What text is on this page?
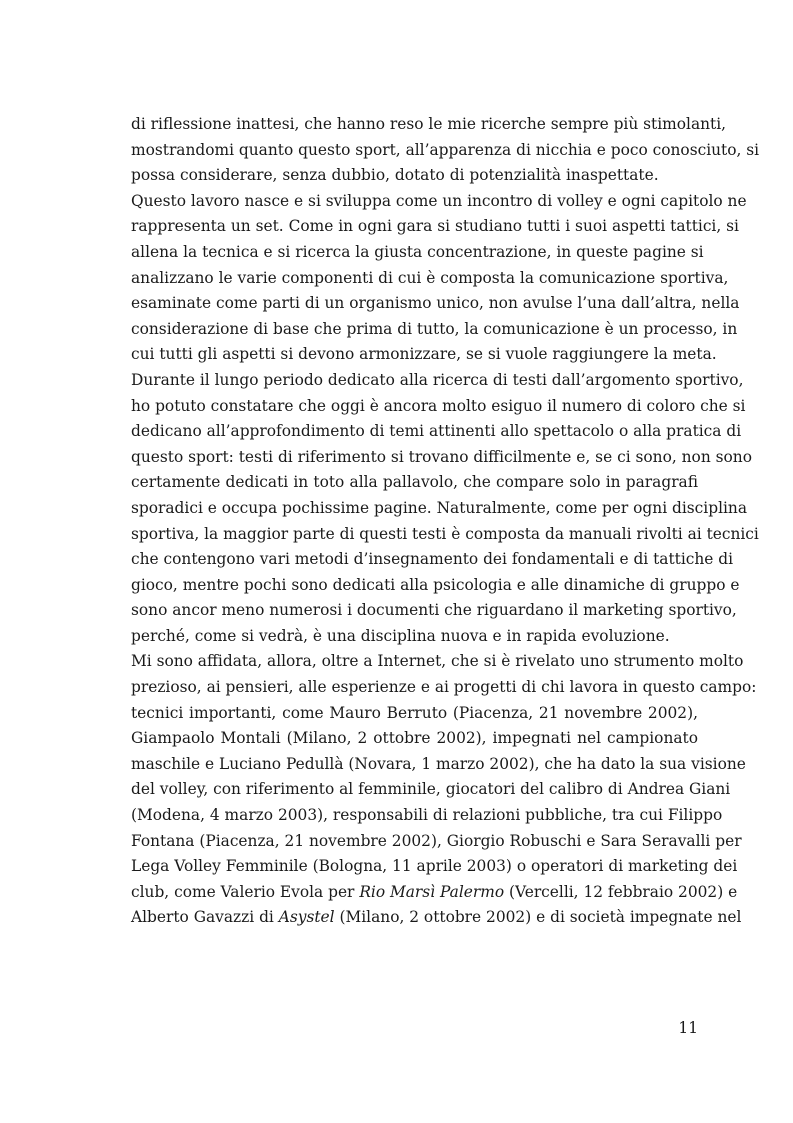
di riflessione inattesi, che hanno reso le mie ricerche sempre più stimolanti,
mostrandomi quanto questo sport, all’apparenza di nicchia e poco conosciuto, si
possa considerare, senza dubbio, dotato di potenzialità inaspettate.
Questo lavoro nasce e si sviluppa come un incontro di volley e ogni capitolo ne
rappresenta un set. Come in ogni gara si studiano tutti i suoi aspetti tattici, si
allena la tecnica e si ricerca la giusta concentrazione, in queste pagine si
analizzano le varie componenti di cui è composta la comunicazione sportiva,
esaminate come parti di un organismo unico, non avulse l’una dall’altra, nella
considerazione di base che prima di tutto, la comunicazione è un processo, in
cui tutti gli aspetti si devono armonizzare, se si vuole raggiungere la meta.
Durante il lungo periodo dedicato alla ricerca di testi dall’argomento sportivo,
ho potuto constatare che oggi è ancora molto esiguo il numero di coloro che si
dedicano all’approfondimento di temi attinenti allo spettacolo o alla pratica di
questo sport: testi di riferimento si trovano difficilmente e, se ci sono, non sono
certamente dedicati in toto alla pallavolo, che compare solo in paragrafi
sporadici e occupa pochissime pagine. Naturalmente, come per ogni disciplina
sportiva, la maggior parte di questi testi è composta da manuali rivolti ai tecnici
che contengono vari metodi d’insegnamento dei fondamentali e di tattiche di
gioco, mentre pochi sono dedicati alla psicologia e alle dinamiche di gruppo e
sono ancor meno numerosi i documenti che riguardano il marketing sportivo,
perché, come si vedrà, è una disciplina nuova e in rapida evoluzione.
Mi sono affidata, allora, oltre a Internet, che si è rivelato uno strumento molto
prezioso, ai pensieri, alle esperienze e ai progetti di chi lavora in questo campo:
tecnici importanti, come Mauro Berruto (Piacenza, 21 novembre 2002),
Giampaolo Montali (Milano, 2 ottobre 2002), impegnati nel campionato
maschile e Luciano Pedullà (Novara, 1 marzo 2002), che ha dato la sua visione
del volley, con riferimento al femminile, giocatori del calibro di Andrea Giani
(Modena, 4 marzo 2003), responsabili di relazioni pubbliche, tra cui Filippo
Fontana (Piacenza, 21 novembre 2002), Giorgio Robuschi e Sara Seravalli per
Lega Volley Femminile (Bologna, 11 aprile 2003) o operatori di marketing dei
club, come Valerio Evola per Rio Marsì Palermo (Vercelli, 12 febbraio 2002) e
Alberto Gavazzi di Asystel (Milano, 2 ottobre 2002) e di società impegnate nel
11
